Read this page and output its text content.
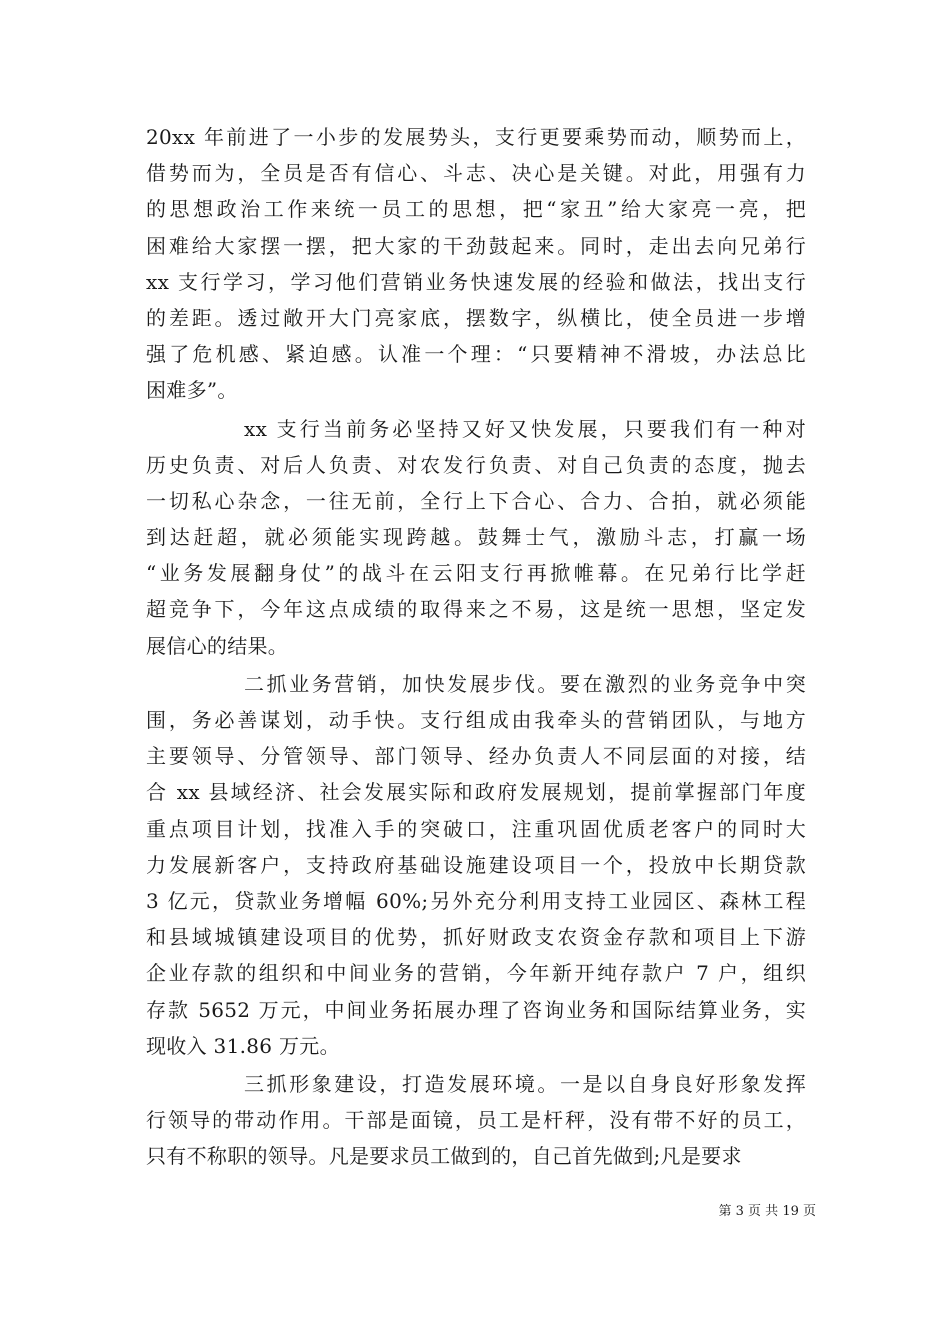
20xx 年前进了一小步的发展势头，支行更要乘势而动，顺势而上，
借势而为，全员是否有信心、斗志、决心是关键。对此，用强有力
的思想政治工作来统一员工的思想，把“家丑”给大家亮一亮，把
困难给大家摆一摆，把大家的干劲鼓起来。同时，走出去向兄弟行
xx 支行学习，学习他们营销业务快速发展的经验和做法，找出支行
的差距。透过敞开大门亮家底，摆数字，纵横比，使全员进一步增
强了危机感、紧迫感。认准一个理：“只要精神不滑坡，办法总比
困难多”。
xx 支行当前务必坚持又好又快发展，只要我们有一种对
历史负责、对后人负责、对农发行负责、对自己负责的态度，抛去
一切私心杂念，一往无前，全行上下合心、合力、合拍，就必须能
到达赶超，就必须能实现跨越。鼓舞士气，激励斗志，打赢一场
“业务发展翻身仗”的战斗在云阳支行再掀帷幕。在兄弟行比学赶
超竞争下，今年这点成绩的取得来之不易，这是统一思想，坚定发
展信心的结果。
二抓业务营销，加快发展步伐。要在激烈的业务竞争中突
围，务必善谋划，动手快。支行组成由我牵头的营销团队，与地方
主要领导、分管领导、部门领导、经办负责人不同层面的对接，结
合 xx 县域经济、社会发展实际和政府发展规划，提前掌握部门年度
重点项目计划，找准入手的突破口，注重巩固优质老客户的同时大
力发展新客户，支持政府基础设施建设项目一个，投放中长期贷款
3 亿元，贷款业务增幅 60%;另外充分利用支持工业园区、森林工程
和县域城镇建设项目的优势，抓好财政支农资金存款和项目上下游
企业存款的组织和中间业务的营销，今年新开纯存款户 7 户，组织
存款 5652 万元，中间业务拓展办理了咨询业务和国际结算业务，实
现收入 31.86 万元。
三抓形象建设，打造发展环境。一是以自身良好形象发挥
行领导的带动作用。干部是面镜，员工是杆秤，没有带不好的员工，
只有不称职的领导。凡是要求员工做到的，自己首先做到;凡是要求
第 3 页 共 19 页
